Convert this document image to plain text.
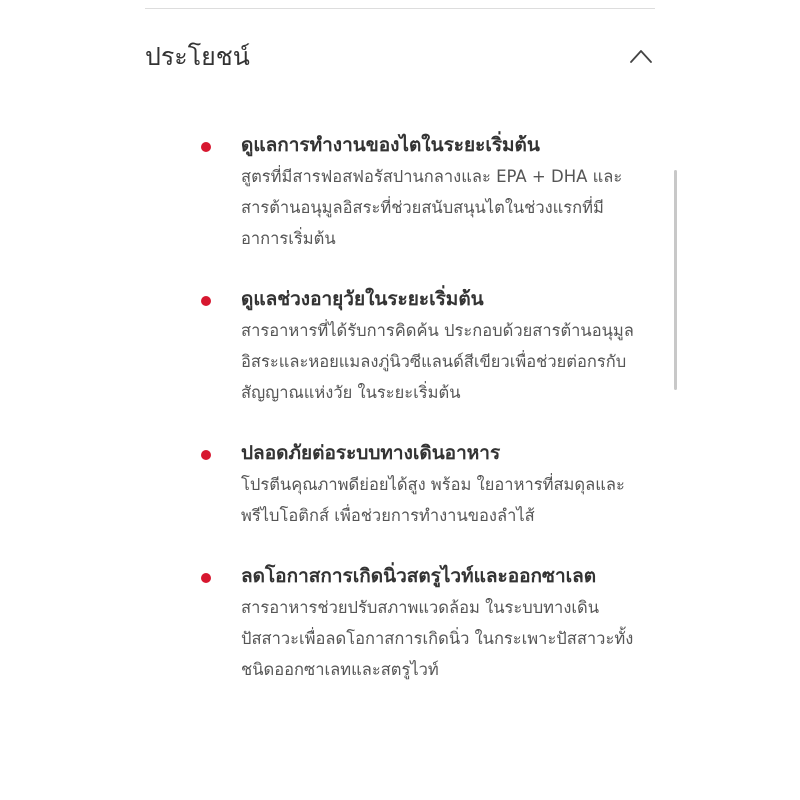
ประโยชน์

ดูแลการทำงานของไตในระยะเริ่มต้น

สูตรที่มีสารฟอสฟอรัสปานกลางและ EPA + DHA และสารต้านอนุมูลอิสระที่ช่วยสนับสนุนไตในช่วงแรกที่มีอาการเริ่มต้น

ดูแลช่วงอายุวัยในระยะเริ่มต้น

สารอาหารที่ได้รับการคิดค้น ประกอบด้วยสารต้านอนุมูลอิสระและหอยแมลงภู่นิวซีแลนด์สีเขียวเพื่อช่วยต่อกรกับสัญญาณแห่งวัย ในระยะเริ่มต้น

ปลอดภัยต่อระบบทางเดินอาหาร

โปรตีนคุณภาพดีย่อยได้สูง พร้อม ใยอาหารที่สมดุลและพรีไบโอติกส์ เพื่อช่วยการทำงานของลำไส้

ลดโอกาสการเกิดนิ่วสตรูไวท์และออกซาเลต

สารอาหารช่วยปรับสภาพแวดล้อม ในระบบทางเดินปัสสาวะเพื่อลดโอกาสการเกิดนิ่ว ในกระเพาะปัสสาวะทั้งชนิดออกซาเลทและสตรูไวท์
